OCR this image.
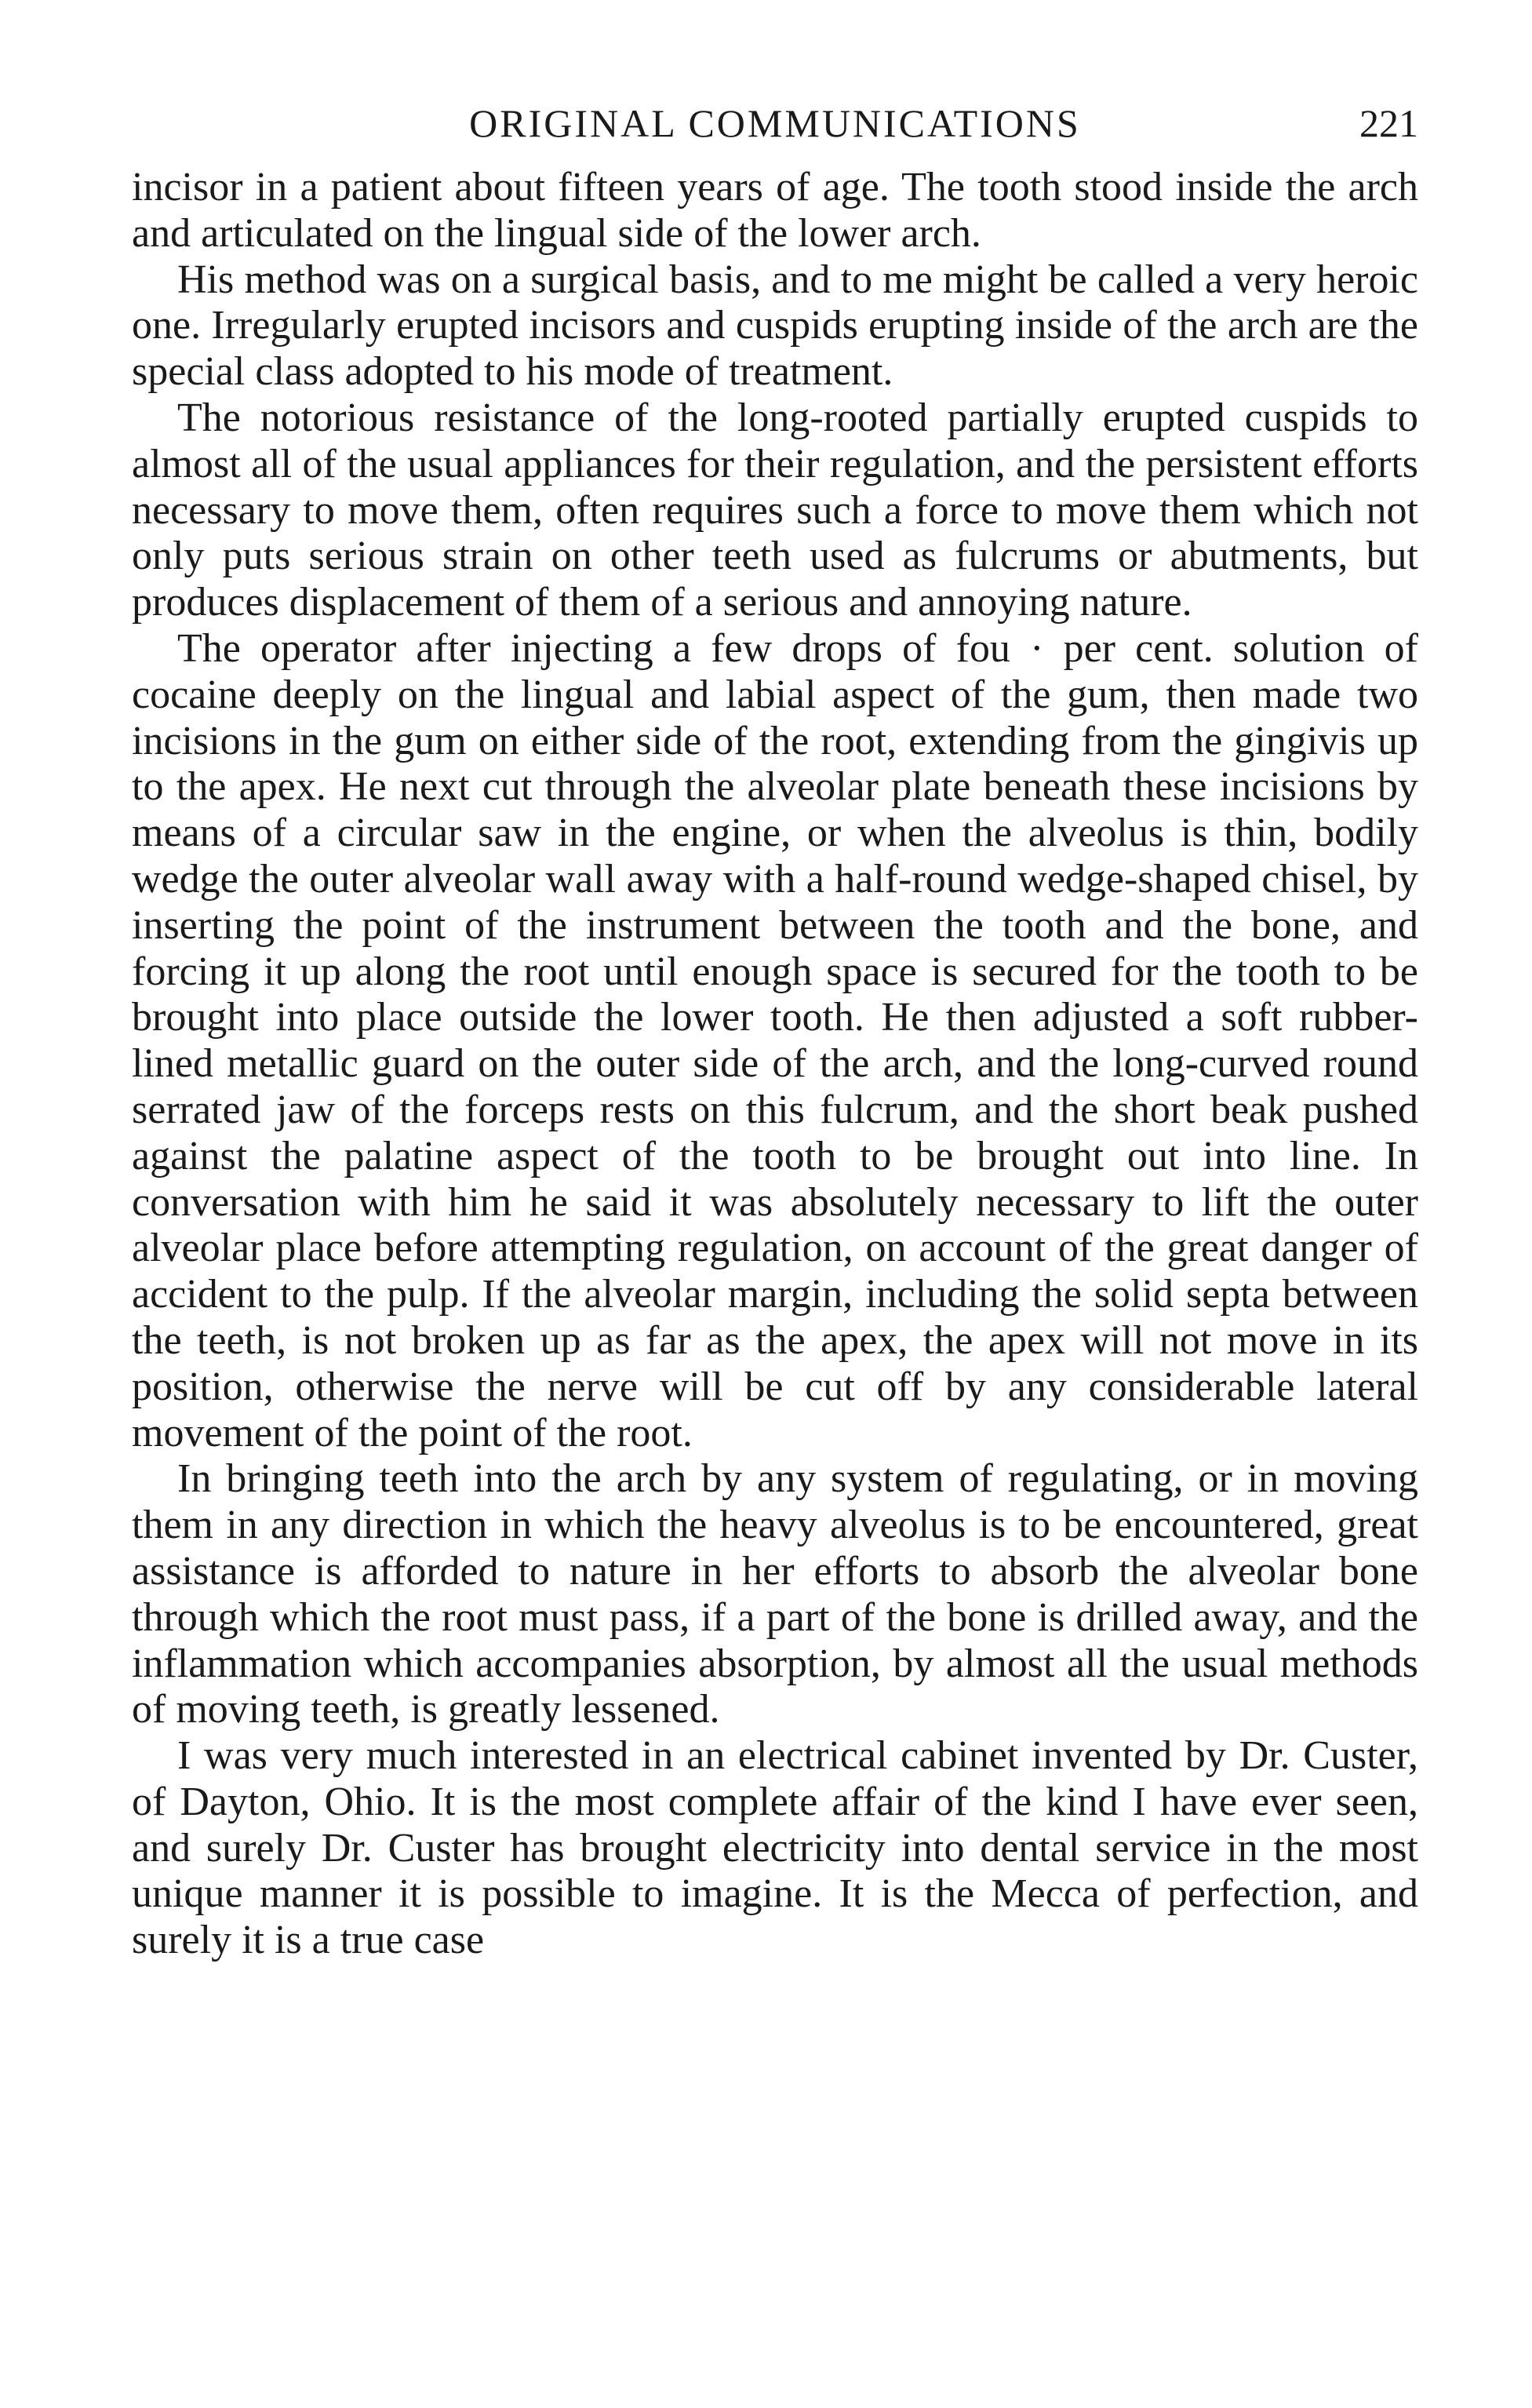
ORIGINAL COMMUNICATIONS	221

incisor in a patient about fifteen years of age. The tooth stood inside the arch and articulated on the lingual side of the lower arch.

His method was on a surgical basis, and to me might be called a very heroic one. Irregularly erupted incisors and cuspids erupting inside of the arch are the special class adopted to his mode of treatment.

The notorious resistance of the long-rooted partially erupted cuspids to almost all of the usual appliances for their regulation, and the persistent efforts necessary to move them, often requires such a force to move them which not only puts serious strain on other teeth used as fulcrums or abutments, but produces displacement of them of a serious and annoying nature.

The operator after injecting a few drops of fou · per cent. solution of cocaine deeply on the lingual and labial aspect of the gum, then made two incisions in the gum on either side of the root, extending from the gingivis up to the apex. He next cut through the alveolar plate beneath these incisions by means of a circular saw in the engine, or when the alveolus is thin, bodily wedge the outer alveolar wall away with a half-round wedge-shaped chisel, by inserting the point of the instrument between the tooth and the bone, and forcing it up along the root until enough space is secured for the tooth to be brought into place outside the lower tooth. He then adjusted a soft rubber-lined metallic guard on the outer side of the arch, and the long-curved round serrated jaw of the forceps rests on this fulcrum, and the short beak pushed against the palatine aspect of the tooth to be brought out into line. In conversation with him he said it was absolutely necessary to lift the outer alveolar place before attempting regulation, on account of the great danger of accident to the pulp. If the alveolar margin, including the solid septa between the teeth, is not broken up as far as the apex, the apex will not move in its position, otherwise the nerve will be cut off by any considerable lateral movement of the point of the root.

In bringing teeth into the arch by any system of regulating, or in moving them in any direction in which the heavy alveolus is to be encountered, great assistance is afforded to nature in her efforts to absorb the alveolar bone through which the root must pass, if a part of the bone is drilled away, and the inflammation which accompanies absorption, by almost all the usual methods of moving teeth, is greatly lessened.

I was very much interested in an electrical cabinet invented by Dr. Custer, of Dayton, Ohio. It is the most complete affair of the kind I have ever seen, and surely Dr. Custer has brought electricity into dental service in the most unique manner it is possible to imagine. It is the Mecca of perfection, and surely it is a true case
